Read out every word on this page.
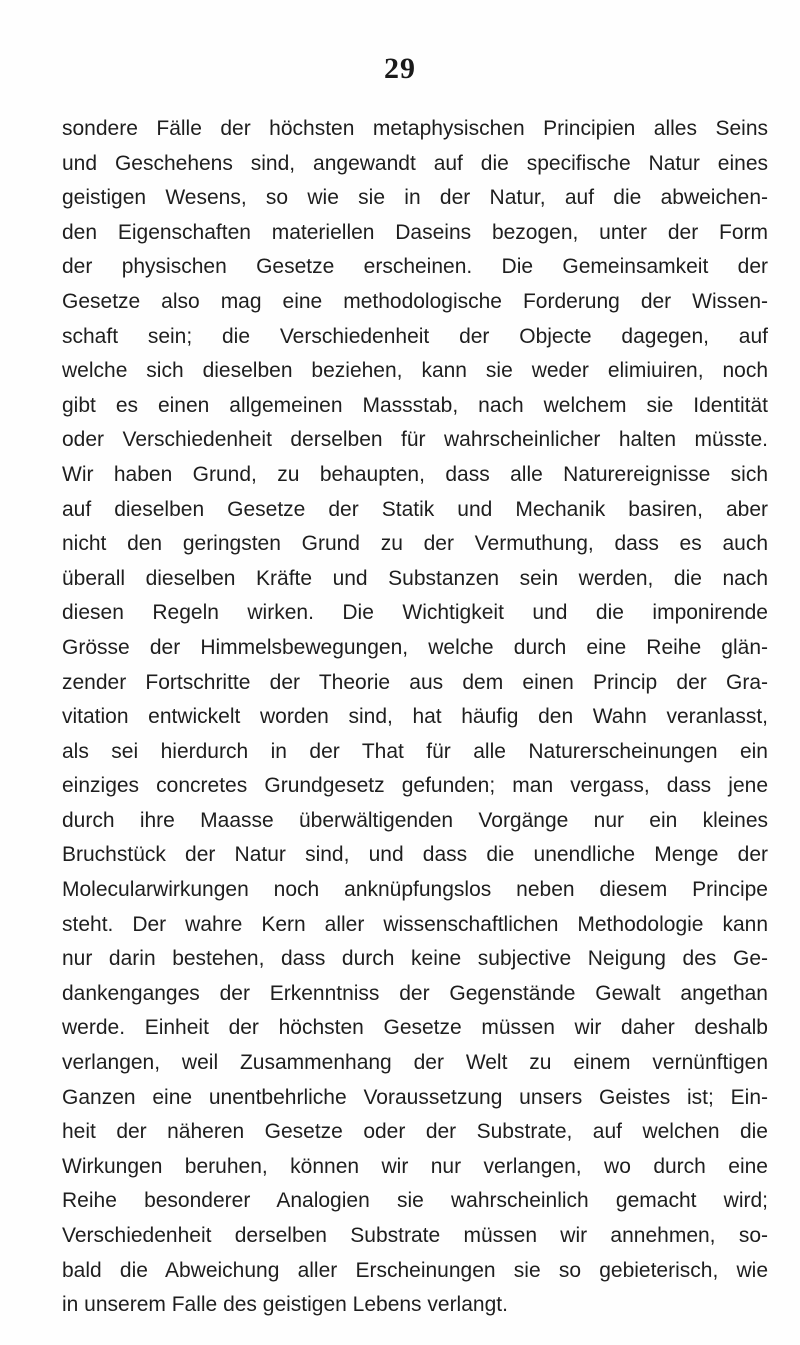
29
sondere Fälle der höchsten metaphysischen Principien alles Seins
und Geschehens sind, angewandt auf die specifische Natur eines
geistigen Wesens, so wie sie in der Natur, auf die abweichen-
den Eigenschaften materiellen Daseins bezogen, unter der Form
der physischen Gesetze erscheinen. Die Gemeinsamkeit der
Gesetze also mag eine methodologische Forderung der Wissen-
schaft sein; die Verschiedenheit der Objecte dagegen, auf
welche sich dieselben beziehen, kann sie weder elimiuiren, noch
gibt es einen allgemeinen Massstab, nach welchem sie Identität
oder Verschiedenheit derselben für wahrscheinlicher halten müsste.
Wir haben Grund, zu behaupten, dass alle Naturereignisse sich
auf dieselben Gesetze der Statik und Mechanik basiren, aber
nicht den geringsten Grund zu der Vermuthung, dass es auch
überall dieselben Kräfte und Substanzen sein werden, die nach
diesen Regeln wirken. Die Wichtigkeit und die imponirende
Grösse der Himmelsbewegungen, welche durch eine Reihe glän-
zender Fortschritte der Theorie aus dem einen Princip der Gra-
vitation entwickelt worden sind, hat häufig den Wahn veranlasst,
als sei hierdurch in der That für alle Naturerscheinungen ein
einziges concretes Grundgesetz gefunden; man vergass, dass jene
durch ihre Maasse überwältigenden Vorgänge nur ein kleines
Bruchstück der Natur sind, und dass die unendliche Menge der
Molecularwirkungen noch anknüpfungslos neben diesem Principe
steht. Der wahre Kern aller wissenschaftlichen Methodologie kann
nur darin bestehen, dass durch keine subjective Neigung des Ge-
dankenganges der Erkenntniss der Gegenstände Gewalt angethan
werde. Einheit der höchsten Gesetze müssen wir daher deshalb
verlangen, weil Zusammenhang der Welt zu einem vernünftigen
Ganzen eine unentbehrliche Voraussetzung unsers Geistes ist; Ein-
heit der näheren Gesetze oder der Substrate, auf welchen die
Wirkungen beruhen, können wir nur verlangen, wo durch eine
Reihe besonderer Analogien sie wahrscheinlich gemacht wird;
Verschiedenheit derselben Substrate müssen wir annehmen, so-
bald die Abweichung aller Erscheinungen sie so gebieterisch, wie
in unserem Falle des geistigen Lebens verlangt.
